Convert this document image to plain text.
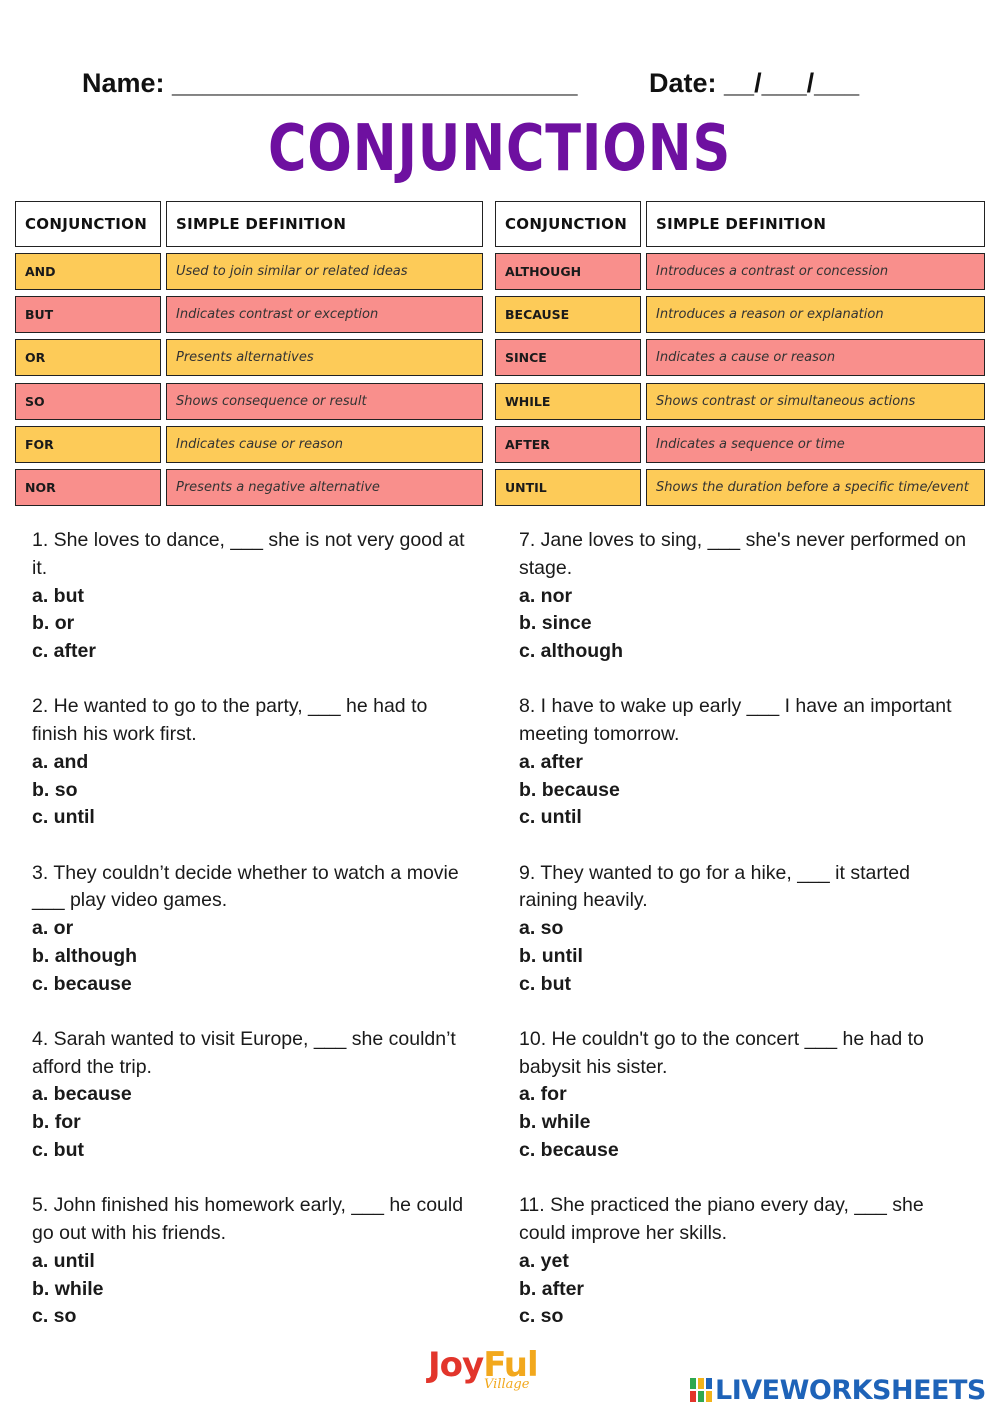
Name: ___________________________	Date: __/___/___
CONJUNCTIONS
CONJUNCTION	SIMPLE DEFINITION
AND	Used to join similar or related ideas
BUT	Indicates contrast or exception
OR	Presents alternatives
SO	Shows consequence or result
FOR	Indicates cause or reason
NOR	Presents a negative alternative
CONJUNCTION	SIMPLE DEFINITION
ALTHOUGH	Introduces a contrast or concession
BECAUSE	Introduces a reason or explanation
SINCE	Indicates a cause or reason
WHILE	Shows contrast or simultaneous actions
AFTER	Indicates a sequence or time
UNTIL	Shows the duration before a specific time/event
1. She loves to dance, ___ she is not very good at it.
a. but
b. or
c. after
2. He wanted to go to the party, ___ he had to finish his work first.
a. and
b. so
c. until
3. They couldn’t decide whether to watch a movie ___ play video games.
a. or
b. although
c. because
4. Sarah wanted to visit Europe, ___ she couldn’t afford the trip.
a. because
b. for
c. but
5. John finished his homework early, ___ he could go out with his friends.
a. until
b. while
c. so
7. Jane loves to sing, ___ she's never performed on stage.
a. nor
b. since
c. although
8. I have to wake up early ___ I have an important meeting tomorrow.
a. after
b. because
c. until
9. They wanted to go for a hike, ___ it started raining heavily.
a. so
b. until
c. but
10. He couldn't go to the concert ___ he had to babysit his sister.
a. for
b. while
c. because
11. She practiced the piano every day, ___ she could improve her skills.
a. yet
b. after
c. so
JoyFul
Village	LIVEWORKSHEETS
